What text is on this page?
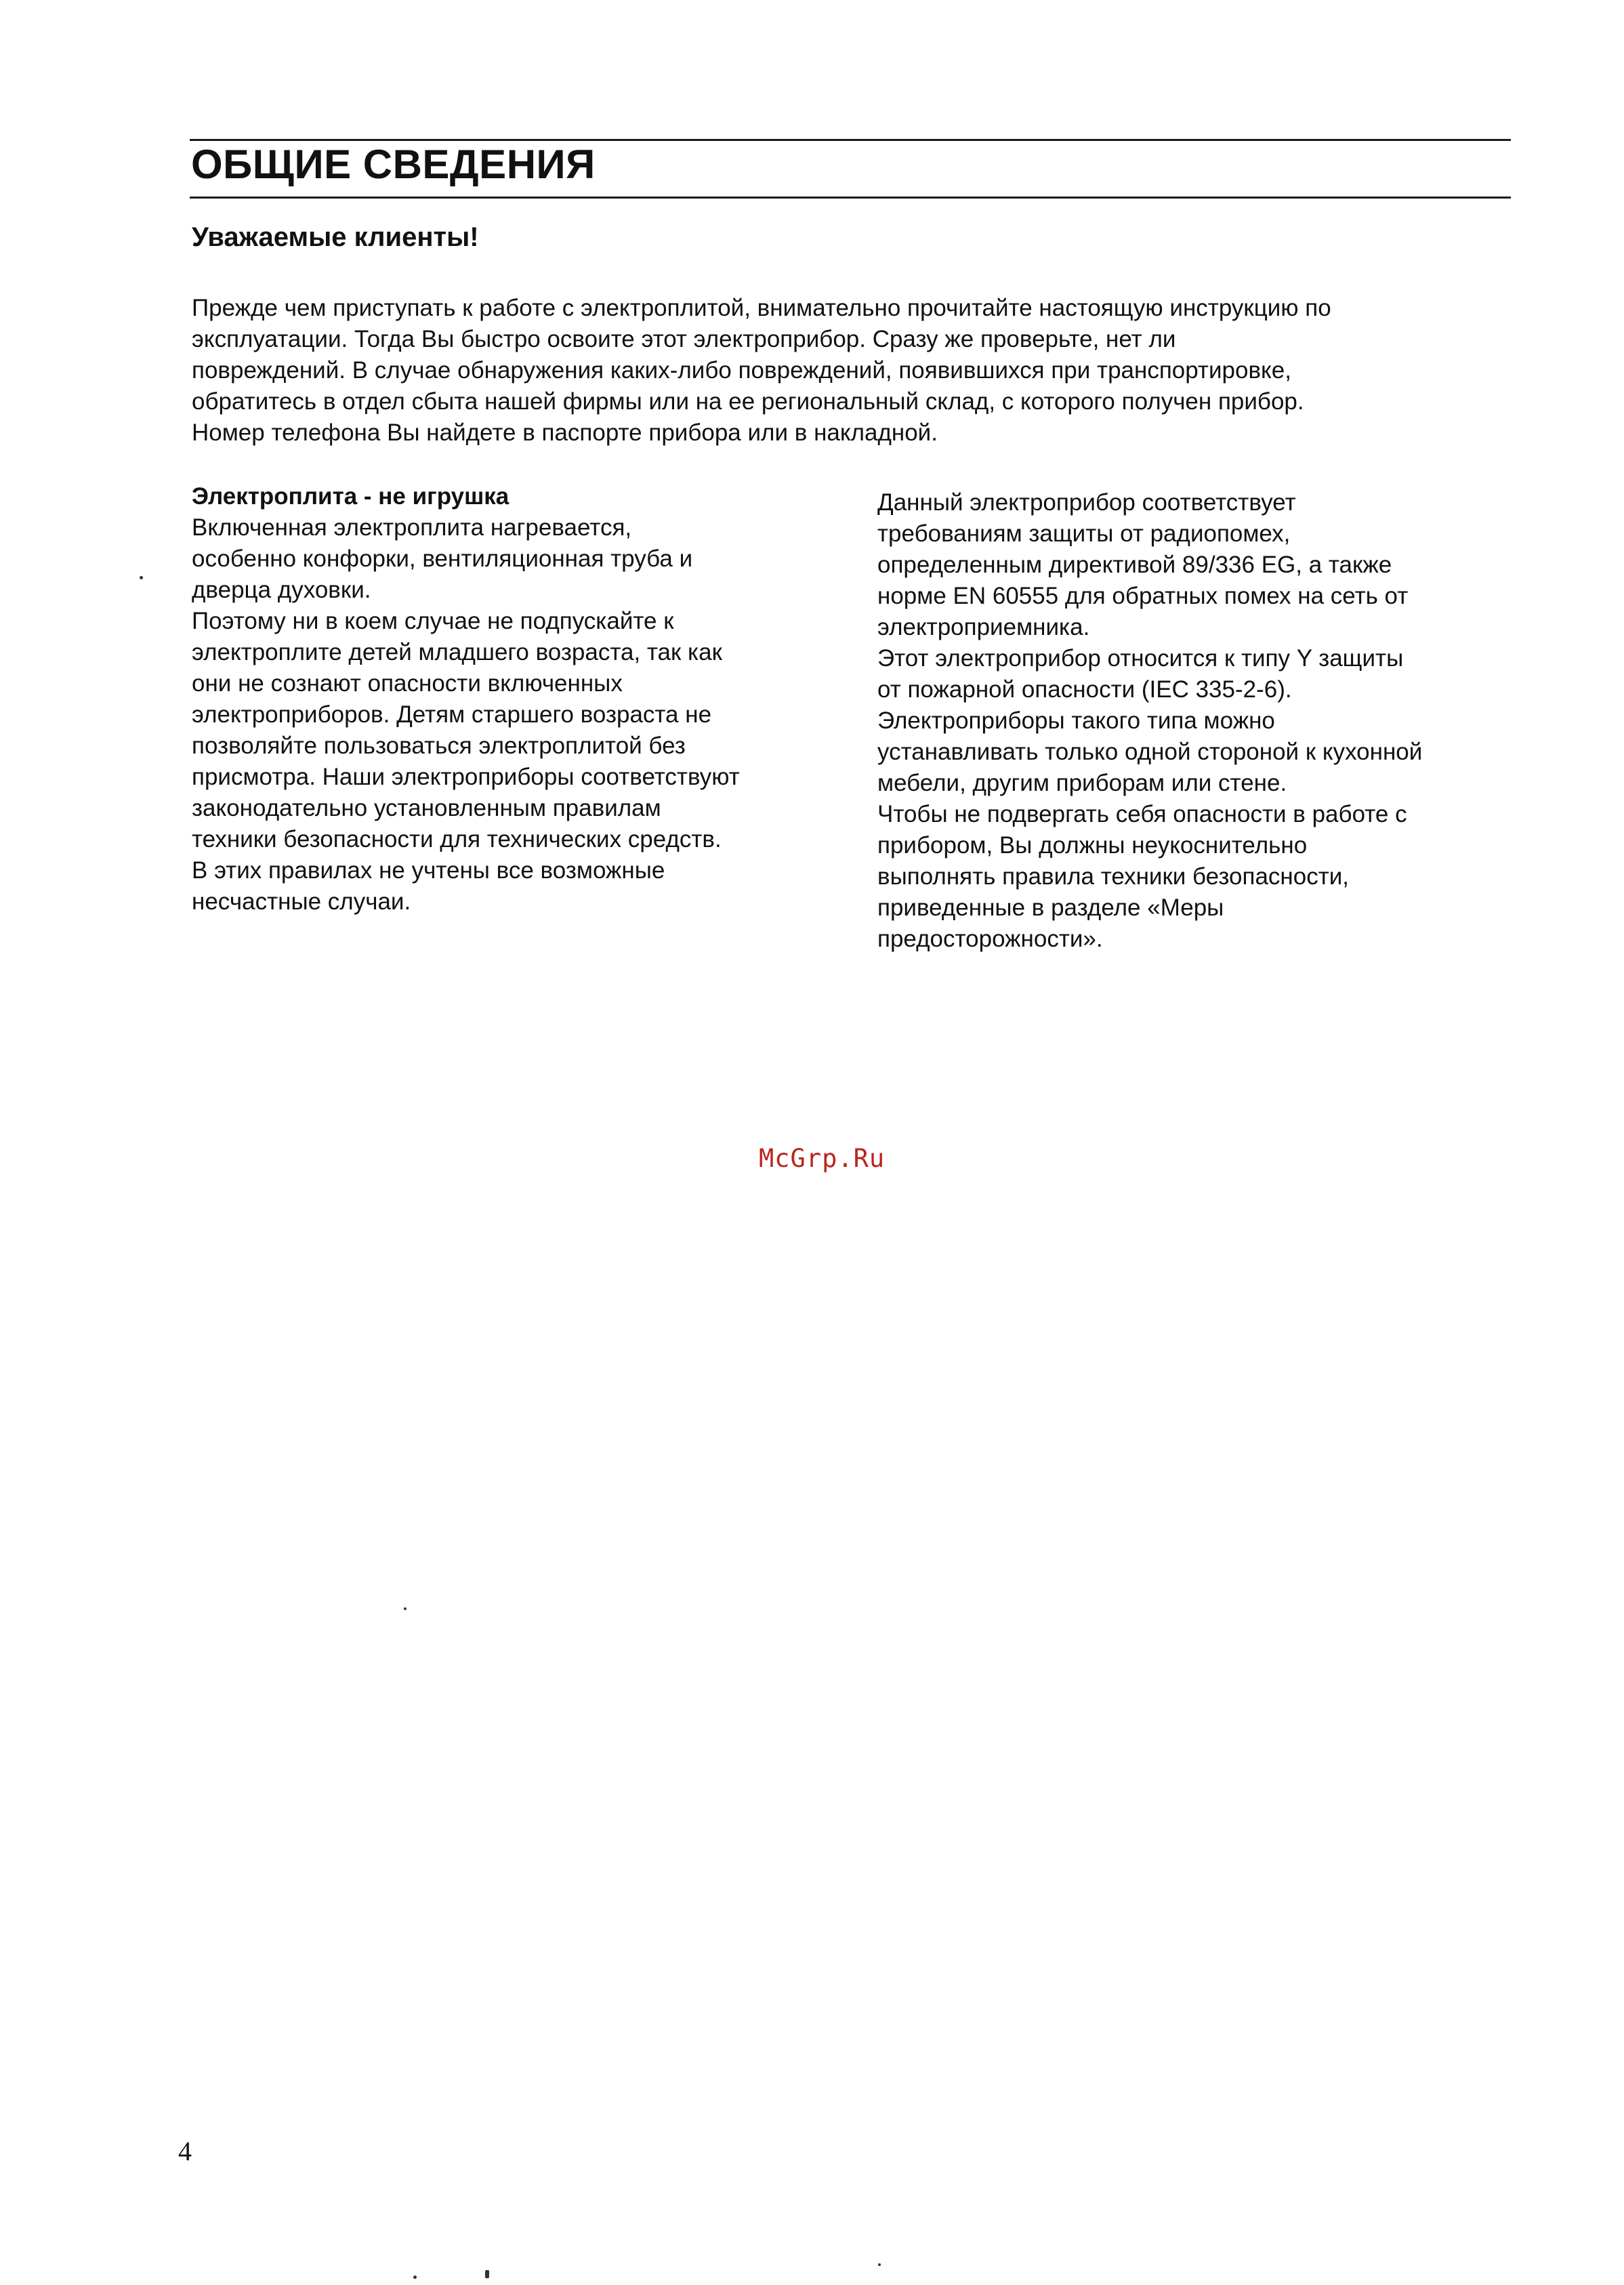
ОБЩИЕ СВЕДЕНИЯ
Уважаемые клиенты!
Прежде чем приступать к работе с электроплитой, внимательно прочитайте настоящую инструкцию по
эксплуатации. Тогда Вы быстро освоите этот электроприбор. Сразу же проверьте, нет ли
повреждений. В случае обнаружения каких-либо повреждений, появившихся при транспортировке,
обратитесь в отдел сбыта нашей фирмы или на ее региональный склад, с которого получен прибор.
Номер телефона Вы найдете в паспорте прибора или в накладной.
Электроплита - не игрушка
Включенная электроплита нагревается,
особенно конфорки, вентиляционная труба и
дверца духовки.
Поэтому ни в коем случае не подпускайте к
электроплите детей младшего возраста, так как
они не сознают опасности включенных
электроприборов. Детям старшего возраста не
позволяйте пользоваться электроплитой без
присмотра. Наши электроприборы соответствуют
законодательно установленным правилам
техники безопасности для технических средств.
В этих правилах не учтены все возможные
несчастные случаи.
Данный электроприбор соответствует
требованиям защиты от радиопомех,
определенным директивой 89/336 EG, а также
норме EN 60555 для обратных помех на сеть от
электроприемника.
Этот электроприбор относится к типу Y защиты
от пожарной опасности (IEC 335-2-6).
Электроприборы такого типа можно
устанавливать только одной стороной к кухонной
мебели, другим приборам или стене.
Чтобы не подвергать себя опасности в работе с
прибором, Вы должны неукоснительно
выполнять правила техники безопасности,
приведенные в разделе «Меры
предосторожности».
McGrp.Ru
4
